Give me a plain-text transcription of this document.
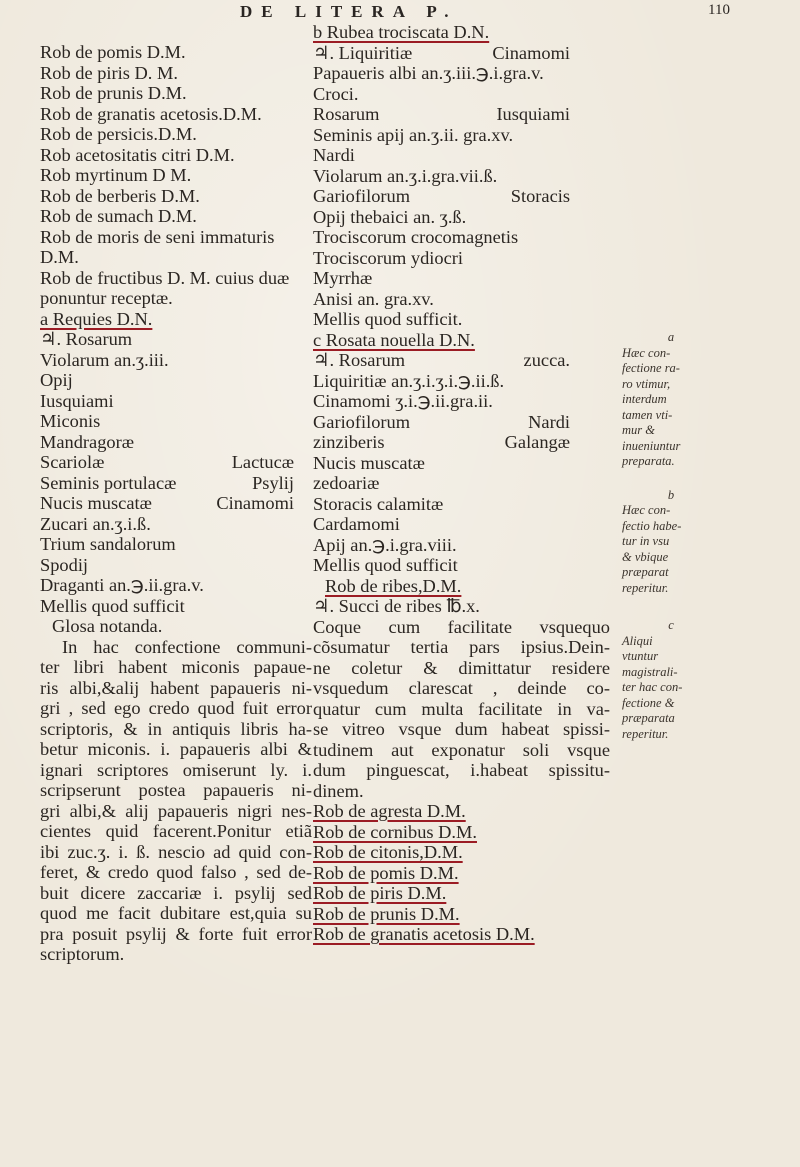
DE LITERA P.	110
Rob de pomis D.M.
Rob de piris D. M.
Rob de prunis D.M.
Rob de granatis acetosis.D.M.
Rob de persicis.D.M.
Rob acetositatis citri D.M.
Rob myrtinum D M.
Rob de berberis D.M.
Rob de sumach D.M.
Rob de moris de seni immaturis
D.M.
Rob de fructibus D. M. cuius duæ
ponuntur receptæ.
a Requies D.N.
♃. Rosarum
Violarum an.ʒ.iii.
Opij
Iusquiami
Miconis
Mandragoræ
Scariolæ	Lactucæ
Seminis portulacæ	Psylij
Nucis muscatæ	Cinamomi
Zucari an.ʒ.i.ß.
Trium sandalorum
Spodij
Draganti an.℈.ii.gra.v.
Mellis quod sufficit
Glosa notanda.
In hac confectione communi-
ter libri habent miconis papaue-
ris albi,&alij habent papaueris ni-
gri , sed ego credo quod fuit error
scriptoris, & in antiquis libris ha-
betur miconis. i. papaueris albi &
ignari scriptores omiserunt ly. i.
scripserunt postea papaueris ni-
gri albi,& alij papaueris nigri nes-
cientes quid facerent.Ponitur etiã
ibi zuc.ʒ. i. ß. nescio ad quid con-
feret, & credo quod falso , sed de-
buit dicere zaccariæ i. psylij sed
quod me facit dubitare est,quia su
pra posuit psylij & forte fuit error
scriptorum.
b Rubea trociscata D.N.
♃. Liquiritiæ	Cinamomi
Papaueris albi an.ʒ.iii.℈.i.gra.v.
Croci.
Rosarum	Iusquiami
Seminis apij an.ʒ.ii. gra.xv.
Nardi
Violarum an.ʒ.i.gra.vii.ß.
Gariofilorum	Storacis
Opij thebaici an. ʒ.ß.
Trociscorum crocomagnetis
Trociscorum ydiocri
Myrrhæ
Anisi an. gra.xv.
Mellis quod sufficit.
c Rosata nouella D.N.
♃. Rosarum	zucca.
Liquiritiæ an.ʒ.i.ʒ.i.℈.ii.ß.
Cinamomi ʒ.i.℈.ii.gra.ii.
Gariofilorum	Nardi
zinziberis	Galangæ
Nucis muscatæ
zedoariæ
Storacis calamitæ
Cardamomi
Apij an.℈.i.gra.viii.
Mellis quod sufficit
Rob de ribes,D.M.
♃. Succi de ribes ℔.x.
Coque cum facilitate vsquequo
cõsumatur tertia pars ipsius.Dein-
ne coletur & dimittatur residere
vsquedum clarescat , deinde co-
quatur cum multa facilitate in va-
se vitreo vsque dum habeat spissi-
tudinem aut exponatur soli vsque
dum pinguescat, i.habeat spissitu-
dinem.
Rob de agresta D.M.
Rob de cornibus D.M.
Rob de citonis,D.M.
Rob de pomis D.M.
Rob de piris D.M.
Rob de prunis D.M.
Rob de granatis acetosis D.M.

a
Hæc con-
fectione ra-
ro vtimur,
interdum
tamen vti-
mur &
inueniuntur
preparata.

b
Hæc con-
fectio habe-
tur in vsu
& vbique
præparat
reperitur.

c
Aliqui
vtuntur
magistrali-
ter hac con-
fectione &
præparata
reperitur.
